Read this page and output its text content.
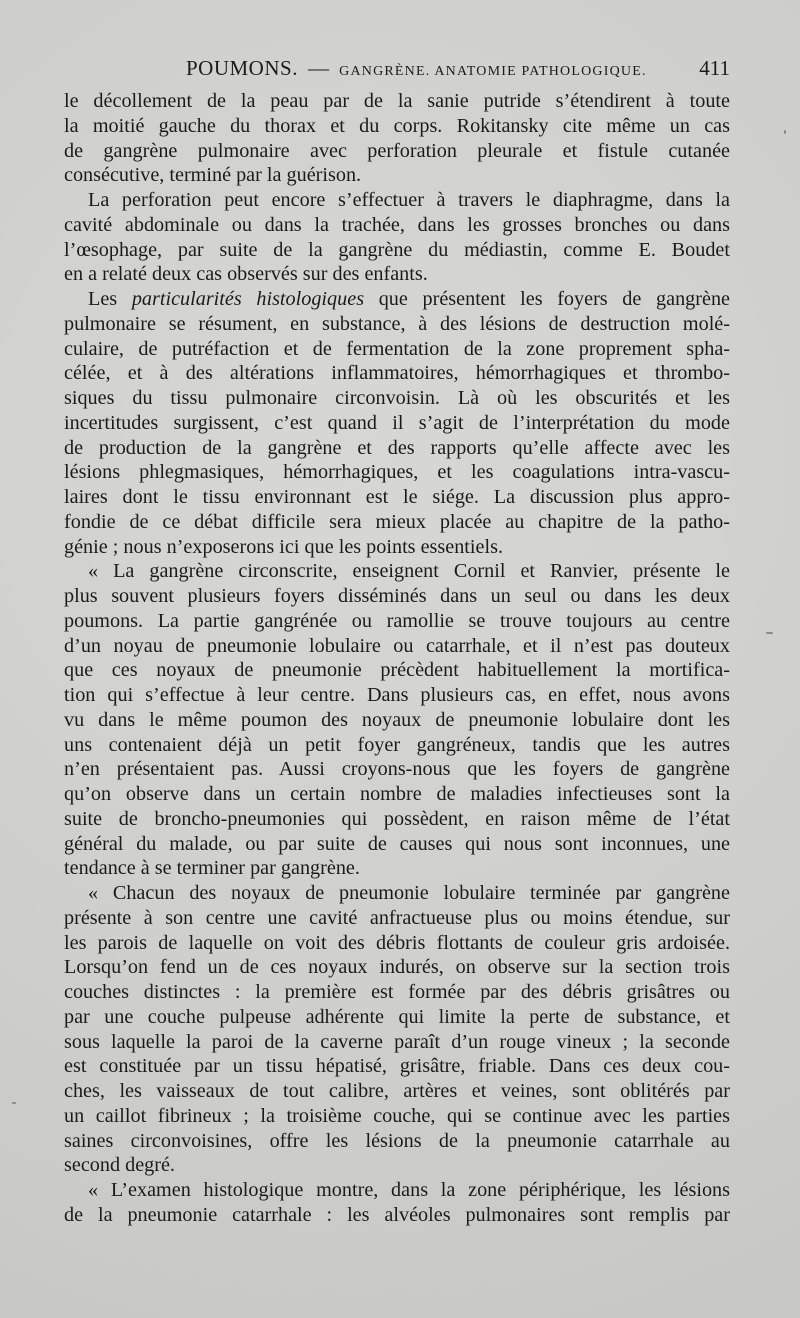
POUMONS. — GANGRÈNE. ANATOMIE PATHOLOGIQUE.	411
le décollement de la peau par de la sanie putride s’étendirent à toute
la moitié gauche du thorax et du corps. Rokitansky cite même un cas
de gangrène pulmonaire avec perforation pleurale et fistule cutanée
consécutive, terminé par la guérison.
La perforation peut encore s’effectuer à travers le diaphragme, dans la
cavité abdominale ou dans la trachée, dans les grosses bronches ou dans
l’œsophage, par suite de la gangrène du médiastin, comme E. Boudet
en a relaté deux cas observés sur des enfants.
Les particularités histologiques que présentent les foyers de gangrène
pulmonaire se résument, en substance, à des lésions de destruction molé-
culaire, de putréfaction et de fermentation de la zone proprement spha-
célée, et à des altérations inflammatoires, hémorrhagiques et thrombo-
siques du tissu pulmonaire circonvoisin. Là où les obscurités et les
incertitudes surgissent, c’est quand il s’agit de l’interprétation du mode
de production de la gangrène et des rapports qu’elle affecte avec les
lésions phlegmasiques, hémorrhagiques, et les coagulations intra-vascu-
laires dont le tissu environnant est le siége. La discussion plus appro-
fondie de ce débat difficile sera mieux placée au chapitre de la patho-
génie ; nous n’exposerons ici que les points essentiels.
« La gangrène circonscrite, enseignent Cornil et Ranvier, présente le
plus souvent plusieurs foyers disséminés dans un seul ou dans les deux
poumons. La partie gangrénée ou ramollie se trouve toujours au centre
d’un noyau de pneumonie lobulaire ou catarrhale, et il n’est pas douteux
que ces noyaux de pneumonie précèdent habituellement la mortifica-
tion qui s’effectue à leur centre. Dans plusieurs cas, en effet, nous avons
vu dans le même poumon des noyaux de pneumonie lobulaire dont les
uns contenaient déjà un petit foyer gangréneux, tandis que les autres
n’en présentaient pas. Aussi croyons-nous que les foyers de gangrène
qu’on observe dans un certain nombre de maladies infectieuses sont la
suite de broncho-pneumonies qui possèdent, en raison même de l’état
général du malade, ou par suite de causes qui nous sont inconnues, une
tendance à se terminer par gangrène.
« Chacun des noyaux de pneumonie lobulaire terminée par gangrène
présente à son centre une cavité anfractueuse plus ou moins étendue, sur
les parois de laquelle on voit des débris flottants de couleur gris ardoisée.
Lorsqu’on fend un de ces noyaux indurés, on observe sur la section trois
couches distinctes : la première est formée par des débris grisâtres ou
par une couche pulpeuse adhérente qui limite la perte de substance, et
sous laquelle la paroi de la caverne paraît d’un rouge vineux ; la seconde
est constituée par un tissu hépatisé, grisâtre, friable. Dans ces deux cou-
ches, les vaisseaux de tout calibre, artères et veines, sont oblitérés par
un caillot fibrineux ; la troisième couche, qui se continue avec les parties
saines circonvoisines, offre les lésions de la pneumonie catarrhale au
second degré.
« L’examen histologique montre, dans la zone périphérique, les lésions
de la pneumonie catarrhale : les alvéoles pulmonaires sont remplis par
